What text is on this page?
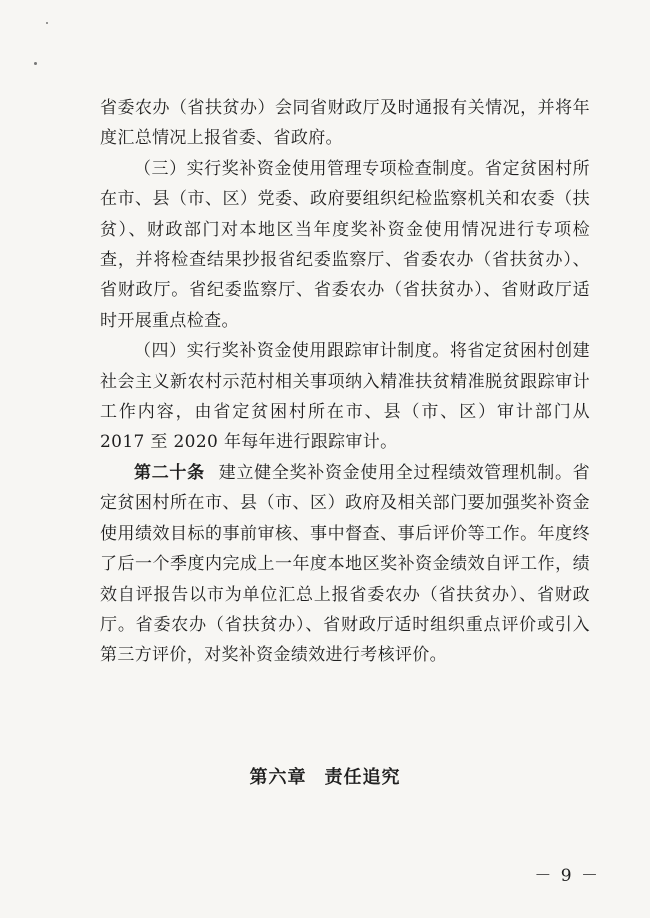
省委农办（省扶贫办）会同省财政厅及时通报有关情况，并将年度汇总情况上报省委、省政府。

（三）实行奖补资金使用管理专项检查制度。省定贫困村所在市、县（市、区）党委、政府要组织纪检监察机关和农委（扶贫）、财政部门对本地区当年度奖补资金使用情况进行专项检查，并将检查结果抄报省纪委监察厅、省委农办（省扶贫办）、省财政厅。省纪委监察厅、省委农办（省扶贫办）、省财政厅适时开展重点检查。

（四）实行奖补资金使用跟踪审计制度。将省定贫困村创建社会主义新农村示范村相关事项纳入精准扶贫精准脱贫跟踪审计工作内容，由省定贫困村所在市、县（市、区）审计部门从 2017 至 2020 年每年进行跟踪审计。

第二十条 建立健全奖补资金使用全过程绩效管理机制。省定贫困村所在市、县（市、区）政府及相关部门要加强奖补资金使用绩效目标的事前审核、事中督查、事后评价等工作。年度终了后一个季度内完成上一年度本地区奖补资金绩效自评工作，绩效自评报告以市为单位汇总上报省委农办（省扶贫办）、省财政厅。省委农办（省扶贫办）、省财政厅适时组织重点评价或引入第三方评价，对奖补资金绩效进行考核评价。

第六章 责任追究
－ 9 －
